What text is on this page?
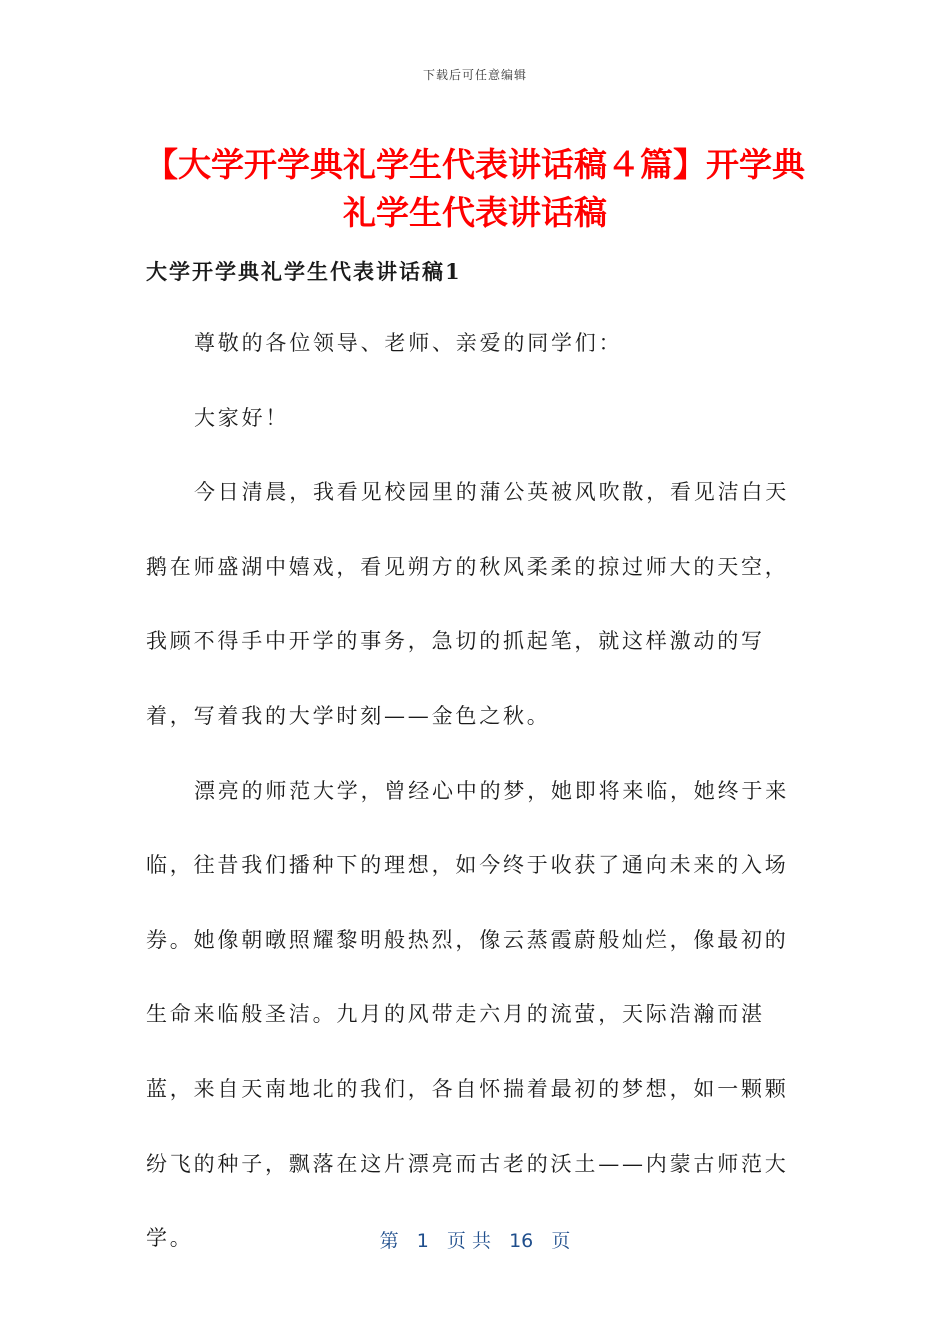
下载后可任意编辑
【大学开学典礼学生代表讲话稿４篇】开学典礼学生代表讲话稿
大学开学典礼学生代表讲话稿1

尊敬的各位领导、老师、亲爱的同学们：

大家好！

今日清晨，我看见校园里的蒲公英被风吹散，看见洁白天鹅在师盛湖中嬉戏，看见朔方的秋风柔柔的掠过师大的天空，我顾不得手中开学的事务，急切的抓起笔，就这样激动的写着，写着我的大学时刻——金色之秋。

漂亮的师范大学，曾经心中的梦，她即将来临，她终于来临，往昔我们播种下的理想，如今终于收获了通向未来的入场券。她像朝暾照耀黎明般热烈，像云蒸霞蔚般灿烂，像最初的生命来临般圣洁。九月的风带走六月的流萤，天际浩瀚而湛蓝，来自天南地北的我们，各自怀揣着最初的梦想，如一颗颗纷飞的种子，飘落在这片漂亮而古老的沃土——内蒙古师范大学。	第 1 页 共 16 页
